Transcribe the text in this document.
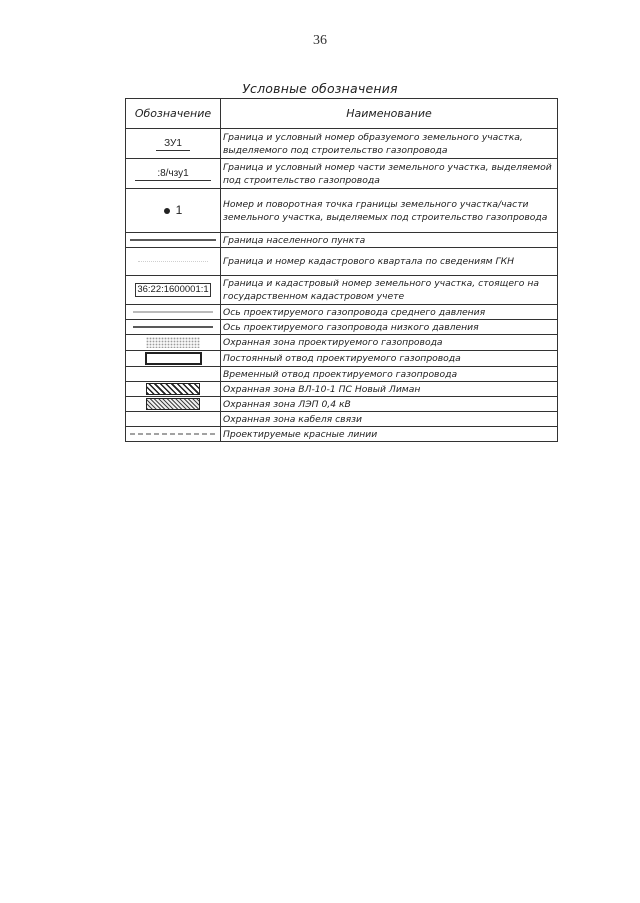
36
Условные обозначения
Обозначение	Наименование
ЗУ1	Граница и условный номер образуемого земельного участка, выделяемого под строительство газопровода
:8/чзу1	Граница и условный номер части земельного участка, выделяемой под строительство газопровода
1	Номер и поворотная точка границы земельного участка/части земельного участка, выделяемых под строительство газопровода

	Граница населенного пункта
	Граница и номер кадастрового квартала по сведениям ГКН
36:22:1600001:1	Граница и кадастровый номер земельного участка, стоящего на государственном кадастровом учете

	Ось проектируемого газопровода среднего давления

	Ось проектируемого газопровода низкого давления
	Охранная зона проектируемого газопровода
	Постоянный отвод проектируемого газопровода
	Временный отвод проектируемого газопровода
	Охранная зона ВЛ-10-1 ПС Новый Лиман
	Охранная зона ЛЭП 0,4 кВ
	Охранная зона кабеля связи

	Проектируемые красные линии
